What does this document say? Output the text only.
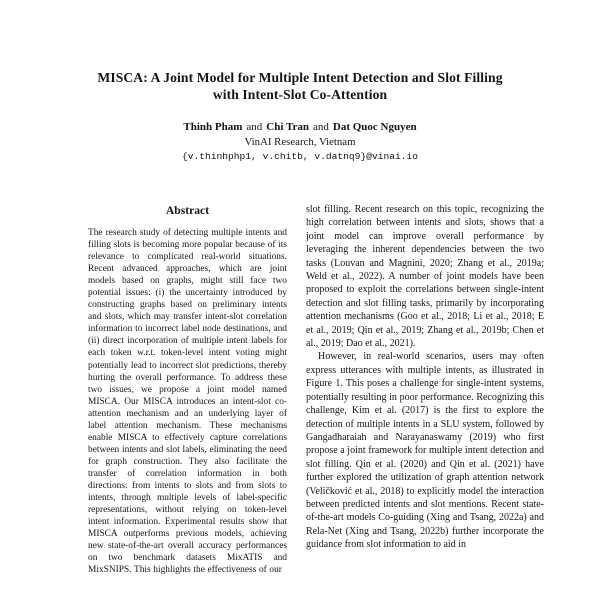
MISCA: A Joint Model for Multiple Intent Detection and Slot Filling
with Intent-Slot Co-Attention
Thinh Pham and Chi Tran and Dat Quoc Nguyen
VinAI Research, Vietnam
{v.thinhphp1, v.chitb, v.datnq9}@vinai.io
Abstract
The research study of detecting multiple intents and filling slots is becoming more popular because of its relevance to complicated real-world situations. Recent advanced approaches, which are joint models based on graphs, might still face two potential issues: (i) the uncertainty introduced by constructing graphs based on preliminary intents and slots, which may transfer intent-slot correlation information to incorrect label node destinations, and (ii) direct incorporation of multiple intent labels for each token w.r.t. token-level intent voting might potentially lead to incorrect slot predictions, thereby hurting the overall performance. To address these two issues, we propose a joint model named MISCA. Our MISCA introduces an intent-slot co-attention mechanism and an underlying layer of label attention mechanism. These mechanisms enable MISCA to effectively capture correlations between intents and slot labels, eliminating the need for graph construction. They also facilitate the transfer of correlation information in both directions: from intents to slots and from slots to intents, through multiple levels of label-specific representations, without relying on token-level intent information. Experimental results show that MISCA outperforms previous models, achieving new state-of-the-art overall accuracy performances on two benchmark datasets MixATIS and MixSNIPS. This highlights the effectiveness of our

slot filling. Recent research on this topic, recognizing the high correlation between intents and slots, shows that a joint model can improve overall performance by leveraging the inherent dependencies between the two tasks (Louvan and Magnini, 2020; Zhang et al., 2019a; Weld et al., 2022). A number of joint models have been proposed to exploit the correlations between single-intent detection and slot filling tasks, primarily by incorporating attention mechanisms (Goo et al., 2018; Li et al., 2018; E et al., 2019; Qin et al., 2019; Zhang et al., 2019b; Chen et al., 2019; Dao et al., 2021).

However, in real-world scenarios, users may often express utterances with multiple intents, as illustrated in Figure 1. This poses a challenge for single-intent systems, potentially resulting in poor performance. Recognizing this challenge, Kim et al. (2017) is the first to explore the detection of multiple intents in a SLU system, followed by Gangadharaiah and Narayanaswamy (2019) who first propose a joint framework for multiple intent detection and slot filling. Qin et al. (2020) and Qin et al. (2021) have further explored the utilization of graph attention network (Veličković et al., 2018) to explicitly model the interaction between predicted intents and slot mentions. Recent state-of-the-art models Co-guiding (Xing and Tsang, 2022a) and Rela-Net (Xing and Tsang, 2022b) further incorporate the guidance from slot information to aid in
